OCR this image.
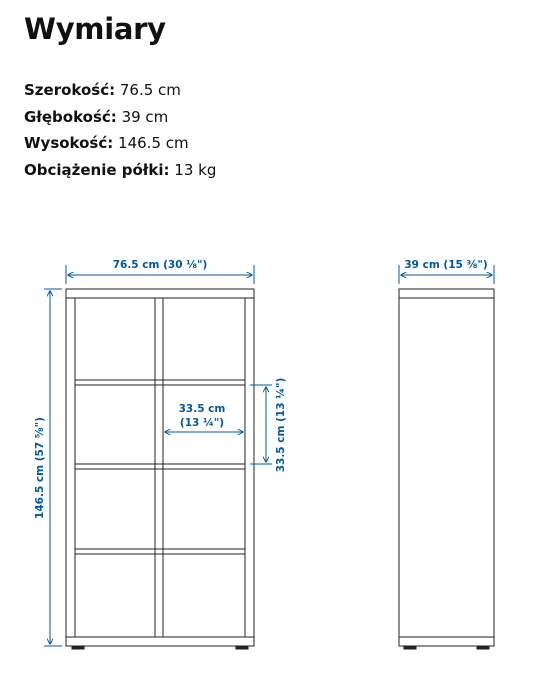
Wymiary
Szerokość: 76.5 cm
Głębokość: 39 cm
Wysokość: 146.5 cm
Obciążenie półki: 13 kg
76.5 cm (30 ⅛")	39 cm (15 ⅜")
146.5 cm (57 ⅝")
33.5 cm
(13 ¼")	33.5 cm (13 ¼")
